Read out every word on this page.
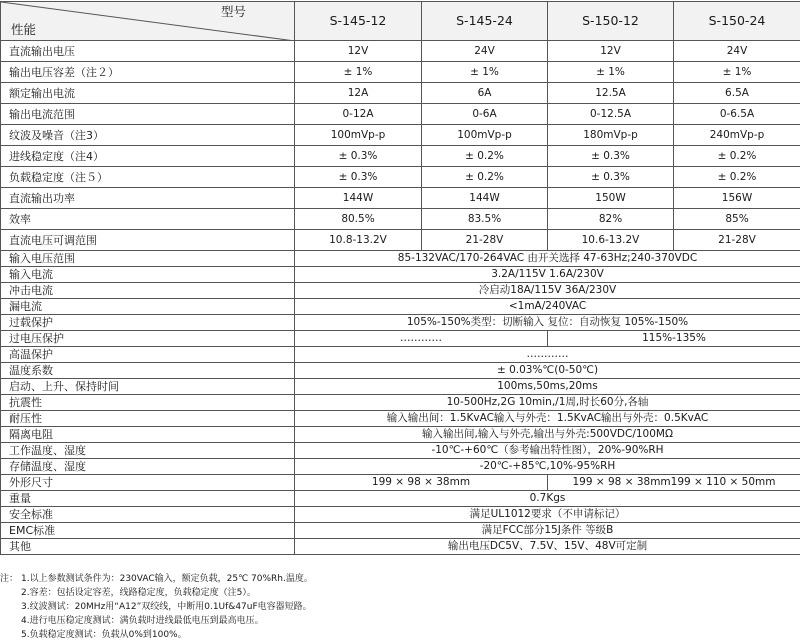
型号
性能	S-145-12	S-145-24	S-150-12	S-150-24
直流输出电压	12V	24V	12V	24V
输出电压容差（注２）	± 1%	± 1%	± 1%	± 1%
额定输出电流	12A	6A	12.5A	6.5A
输出电流范围	0-12A	0-6A	0-12.5A	0-6.5A
纹波及噪音（注3）	100mVp-p	100mVp-p	180mVp-p	240mVp-p
进线稳定度（注4）	± 0.3%	± 0.2%	± 0.3%	± 0.2%
负载稳定度（注５）	± 0.3%	± 0.2%	± 0.3%	± 0.2%
直流输出功率	144W	144W	150W	156W
效率	80.5%	83.5%	82%	85%
直流电压可调范围	10.8-13.2V	21-28V	10.6-13.2V	21-28V
输入电压范围	85-132VAC/170-264VAC 由开关选择 47-63Hz;240-370VDC			
输入电流	3.2A/115V 1.6A/230V			
冲击电流	冷启动18A/115V 36A/230V			
漏电流	<1mA/240VAC			
过载保护	105%-150%类型：切断输入 复位：自动恢复 105%-150%			
过电压保护	…………		115%-135%	
高温保护	…………			
温度系数	± 0.03%℃(0-50℃)			
启动、上升、保持时间	100ms,50ms,20ms			
抗震性	10-500Hz,2G 10min,/1周,时长60分,各轴			
耐压性	输入输出间：1.5KvAC输入与外壳：1.5KvAC输出与外壳：0.5KvAC			
隔离电阻	输入输出间,输入与外壳,输出与外壳:500VDC/100MΩ			
工作温度、湿度	-10℃-+60℃（参考输出特性图），20%-90%RH			
存储温度、湿度	-20℃-+85℃,10%-95%RH			
外形尺寸	199 × 98 × 38mm		199 × 98 × 38mm199 × 110 × 50mm	
重量	0.7Kgs			
安全标准	满足UL1012要求（不申请标记）			
EMC标准	满足FCC部分15J条件 等级B			
其他	输出电压DC5V、7.5V、15V、48V可定制			
注： 1.以上参数测试条件为：230VAC输入，额定负载，25℃ 70%Rh.温度。
2.容差：包括设定容差，线路稳定度，负载稳定度（注5）。
3.纹波测试：20MHz用“A12”双绞线，中断用0.1Uf&47uF电容器短路。
4.进行电压稳定度测试：满负载时进线最低电压到最高电压。
5.负载稳定度测试：负载从0%到100%。
